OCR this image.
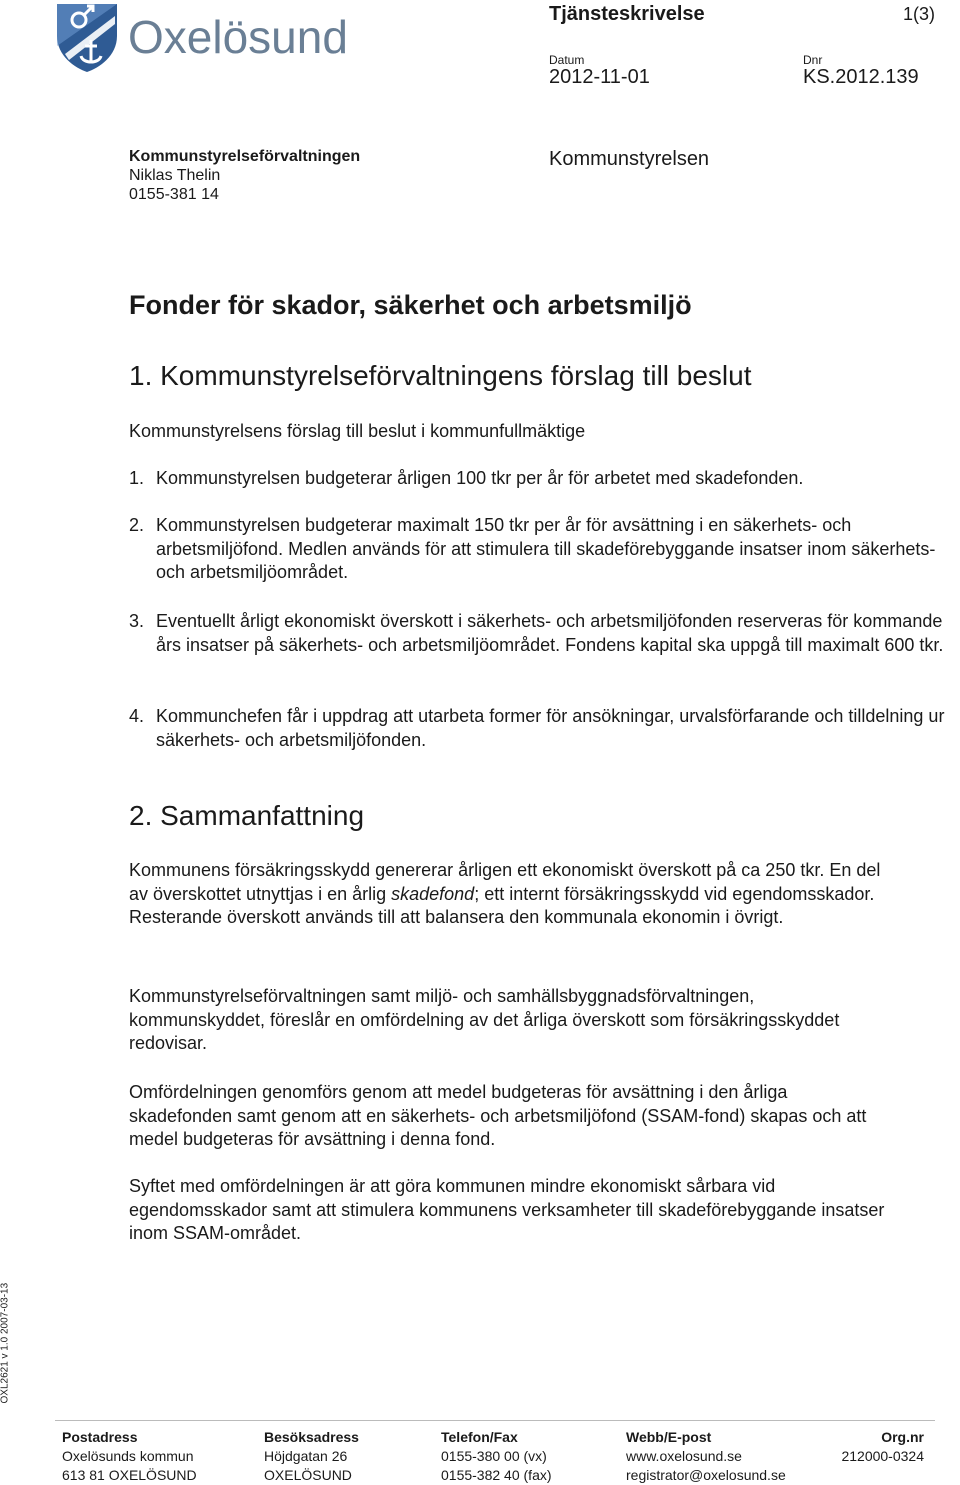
Oxelösund	Tjänsteskrivelse	1(3)
Datum
2012-11-01
Dnr
KS.2012.139
Kommunstyrelseförvaltningen
Niklas Thelin
0155-381 14
Kommunstyrelsen
Fonder för skador, säkerhet och arbetsmiljö
1. Kommunstyrelseförvaltningens förslag till beslut
Kommunstyrelsens förslag till beslut i kommunfullmäktige
1. Kommunstyrelsen budgeterar årligen 100 tkr per år för arbetet med skadefonden.
2. Kommunstyrelsen budgeterar maximalt 150 tkr per år för avsättning i en säkerhets- och arbetsmiljöfond. Medlen används för att stimulera till skadeförebyggande insatser inom säkerhets- och arbetsmiljöområdet.
3. Eventuellt årligt ekonomiskt överskott i säkerhets- och arbetsmiljöfonden reserveras för kommande års insatser på säkerhets- och arbetsmiljöområdet. Fondens kapital ska uppgå till maximalt 600 tkr.
4. Kommunchefen får i uppdrag att utarbeta former för ansökningar, urvalsförfarande och tilldelning ur säkerhets- och arbetsmiljöfonden.
2. Sammanfattning
Kommunens försäkringsskydd genererar årligen ett ekonomiskt överskott på ca 250 tkr. En del av överskottet utnyttjas i en årlig skadefond; ett internt försäkringsskydd vid egendomsskador. Resterande överskott används till att balansera den kommunala ekonomin i övrigt.
Kommunstyrelseförvaltningen samt miljö- och samhällsbyggnadsförvaltningen, kommunskyddet, föreslår en omfördelning av det årliga överskott som försäkringsskyddet redovisar.
Omfördelningen genomförs genom att medel budgeteras för avsättning i den årliga skadefonden samt genom att en säkerhets- och arbetsmiljöfond (SSAM-fond) skapas och att medel budgeteras för avsättning i denna fond.
Syftet med omfördelningen är att göra kommunen mindre ekonomiskt sårbara vid egendomsskador samt att stimulera kommunens verksamheter till skadeförebyggande insatser inom SSAM-området.
OXL2621 v 1.0 2007-03-13
Postadress
Oxelösunds kommun
613 81 OXELÖSUND
Besöksadress
Höjdgatan 26
OXELÖSUND
Telefon/Fax
0155-380 00 (vx)
0155-382 40 (fax)
Webb/E-post
www.oxelosund.se
registrator@oxelosund.se
Org.nr
212000-0324
